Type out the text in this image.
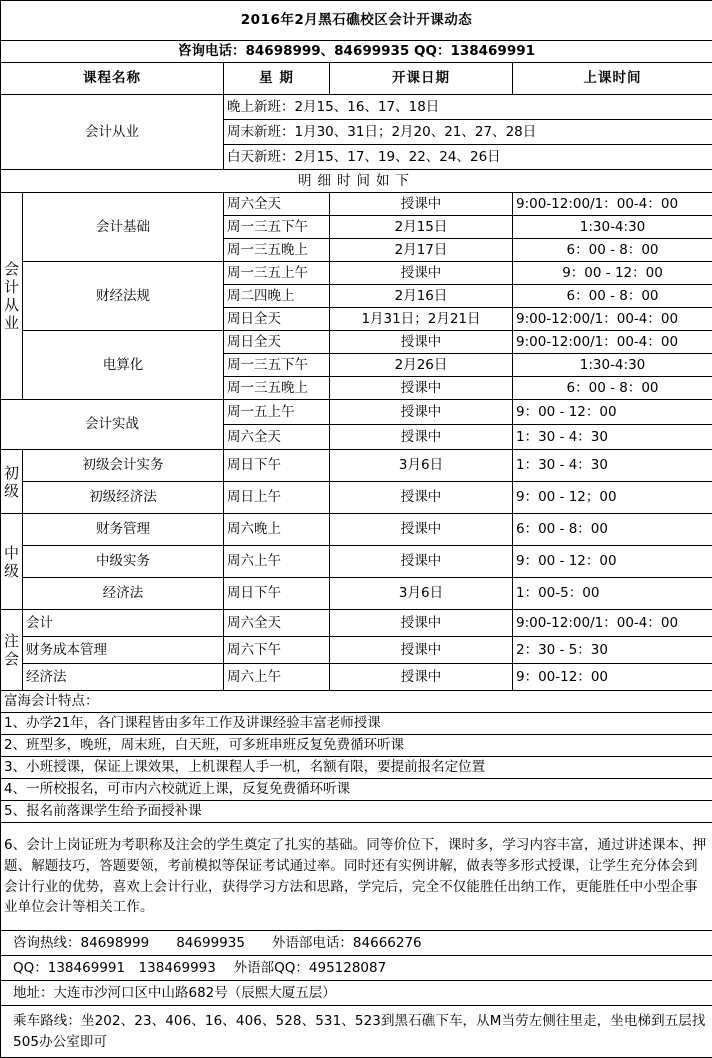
2016年2月黑石礁校区会计开课动态				
咨询电话：84698999、84699935 QQ：138469991				
课程名称		星 期	开课日期	上课时间
会计从业		晚上新班：2月15、16、17、18日		
		周末新班：1月30、31日；2月20、21、27、28日		
		白天新班：2月15、17、19、22、24、26日		
明细时间如下				

会
计
从
业	会计基础	周六全天	授课中	9:00-12:00/1：00-4：00
		周一三五下午	2月15日	1:30-4:30
		周一三五晚上	2月17日	6：00 - 8：00
	财经法规	周一三五上午	授课中	9：00 - 12：00
		周二四晚上	2月16日	6：00 - 8：00
		周日全天	1月31日；2月21日	9:00-12:00/1：00-4：00
	电算化	周日全天	授课中	9:00-12:00/1：00-4：00
		周一三五下午	2月26日	1:30-4:30
		周一三五晚上	授课中	6：00 - 8：00
会计实战		周一五上午	授课中	9：00 - 12：00
		周六全天	授课中	1：30 - 4：30

初
级	初级会计实务	周日下午	3月6日	1：30 - 4：30
	初级经济法	周日上午	授课中	9：00 - 12；00

中
级	财务管理	周六晚上	授课中	6：00 - 8：00
	中级实务	周六上午	授课中	9：00 - 12：00
	经济法	周日下午	3月6日	1：00-5：00

注
会	会计	周六全天	授课中	9:00-12:00/1：00-4：00
	财务成本管理	周六下午	授课中	2：30 - 5：30
	经济法	周六上午	授课中	9：00-12：00
富海会计特点：				
1、办学21年，各门课程皆由多年工作及讲课经验丰富老师授课				
2、班型多，晚班，周末班，白天班，可多班串班反复免费循环听课				
3、小班授课，保证上课效果，上机课程人手一机，名额有限，要提前报名定位置				
4、一所校报名，可市内六校就近上课，反复免费循环听课				
5、报名前落课学生给予面授补课				
6、会计上岗证班为考职称及注会的学生奠定了扎实的基础。同等价位下，课时多，学习内容丰富，通过讲述课本、押题、解题技巧，答题要领，考前模拟等保证考试通过率。同时还有实例讲解，做表等多形式授课，让学生充分体会到会计行业的优势，喜欢上会计行业，获得学习方法和思路，学完后，完全不仅能胜任出纳工作，更能胜任中小型企事业单位会计等相关工作。				
咨询热线：84698999　　84699935　　外语部电话：84666276				
QQ：138469991　138469993　 外语部QQ：495128087				
地址：大连市沙河口区中山路682号（辰熙大厦五层）				
乘车路线：坐202、23、406、16、406、528、531、523到黑石礁下车，从M当劳左侧往里走，坐电梯到五层找505办公室即可				
